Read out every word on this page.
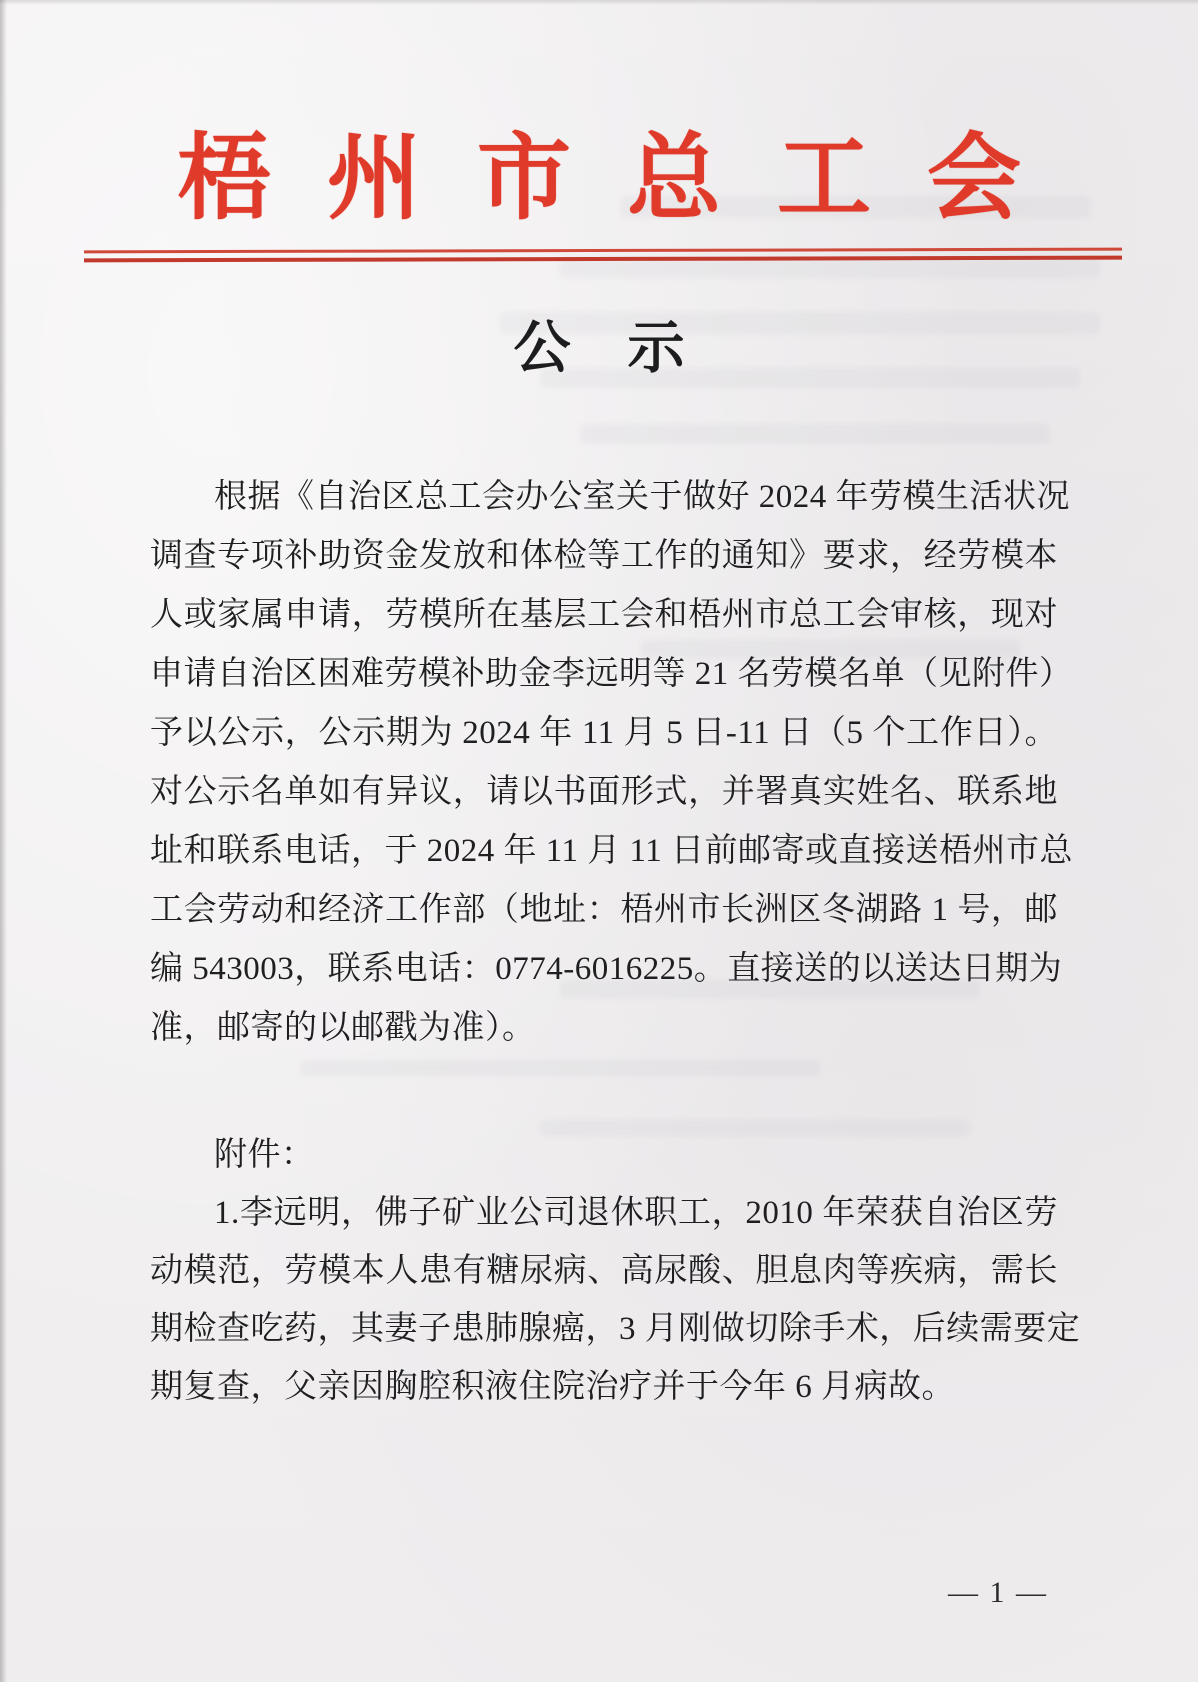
梧州市总工会
公示
根据《自治区总工会办公室关于做好 2024 年劳模生活状况
调查专项补助资金发放和体检等工作的通知》要求，经劳模本
人或家属申请，劳模所在基层工会和梧州市总工会审核，现对
申请自治区困难劳模补助金李远明等 21 名劳模名单（见附件）
予以公示，公示期为 2024 年 11 月 5 日-11 日（5 个工作日）。
对公示名单如有异议，请以书面形式，并署真实姓名、联系地
址和联系电话，于 2024 年 11 月 11 日前邮寄或直接送梧州市总
工会劳动和经济工作部（地址：梧州市长洲区冬湖路 1 号，邮
编 543003，联系电话：0774-6016225。直接送的以送达日期为
准，邮寄的以邮戳为准）。
附件：
1.李远明，佛子矿业公司退休职工，2010 年荣获自治区劳
动模范，劳模本人患有糖尿病、高尿酸、胆息肉等疾病，需长
期检查吃药，其妻子患肺腺癌，3 月刚做切除手术，后续需要定
期复查，父亲因胸腔积液住院治疗并于今年 6 月病故。
— 1 —
